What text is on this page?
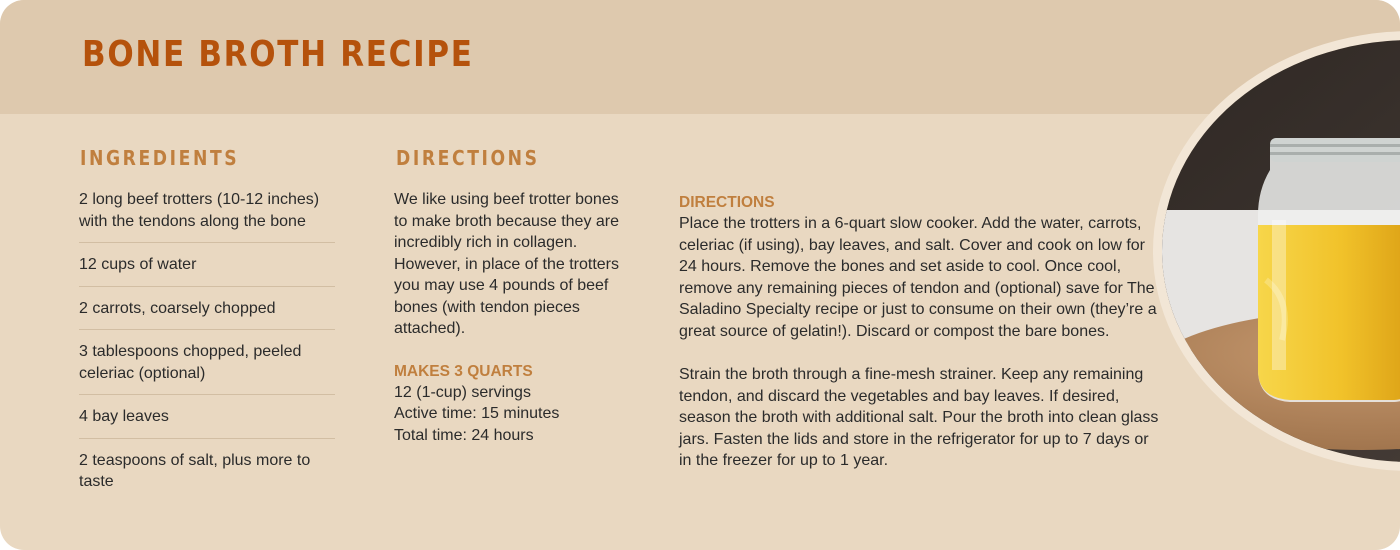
BONE BROTH RECIPE
INGREDIENTS
2 long beef trotters (10-12 inches) with the tendons along the bone
12 cups of water
2 carrots, coarsely chopped
3 tablespoons chopped, peeled celeriac (optional)
4 bay leaves
2 teaspoons of salt, plus more to taste
DIRECTIONS

We like using beef trotter bones to make broth because they are incredibly rich in collagen. However, in place of the trotters you may use 4 pounds of beef bones (with tendon pieces attached).

MAKES 3 QUARTS

12 (1-cup) servings

Active time: 15 minutes

Total time: 24 hours

DIRECTIONS

Place the trotters in a 6-quart slow cooker. Add the water, carrots, celeriac (if using), bay leaves, and salt. Cover and cook on low for 24 hours. Remove the bones and set aside to cool. Once cool, remove any remaining pieces of tendon and (optional) save for The Saladino Specialty recipe or just to consume on their own (they’re a great source of gelatin!). Discard or compost the bare bones.

Strain the broth through a fine-mesh strainer. Keep any remaining tendon, and discard the vegetables and bay leaves. If desired, season the broth with additional salt. Pour the broth into clean glass jars. Fasten the lids and store in the refrigerator for up to 7 days or in the freezer for up to 1 year.
